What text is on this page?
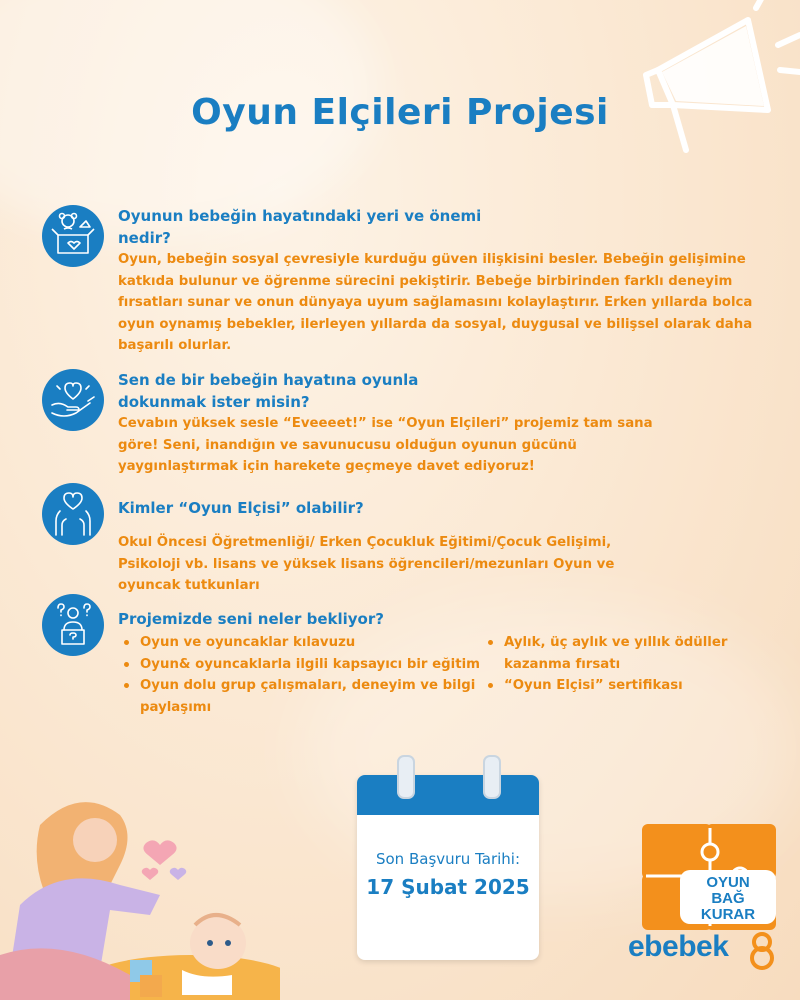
Oyun Elçileri Projesi

Oyunun bebeğin hayatındaki yeri ve önemi

nedir?

Oyun, bebeğin sosyal çevresiyle kurduğu güven ilişkisini besler. Bebeğin gelişimine

katkıda bulunur ve öğrenme sürecini pekiştirir. Bebeğe birbirinden farklı deneyim

fırsatları sunar ve onun dünyaya uyum sağlamasını kolaylaştırır. Erken yıllarda bolca

oyun oynamış bebekler, ilerleyen yıllarda da sosyal, duygusal ve bilişsel olarak daha

başarılı olurlar.

Sen de bir bebeğin hayatına oyunla

dokunmak ister misin?

Cevabın yüksek sesle “Eveeeet!” ise “Oyun Elçileri” projemiz tam sana

göre! Seni, inandığın ve savunucusu olduğun oyunun gücünü

yaygınlaştırmak için harekete geçmeye davet ediyoruz!

Kimler “Oyun Elçisi” olabilir?

Okul Öncesi Öğretmenliği/ Erken Çocukluk Eğitimi/Çocuk Gelişimi,

Psikoloji vb. lisans ve yüksek lisans öğrencileri/mezunları Oyun ve

oyuncak tutkunları

Projemizde seni neler bekliyor?

Oyun ve oyuncaklar kılavuzu
Oyun& oyuncaklarla ilgili kapsayıcı bir eğitim
Oyun dolu grup çalışmaları, deneyim ve bilgi
paylaşımı
Aylık, üç aylık ve yıllık ödüller
kazanma fırsatı
“Oyun Elçisi” sertifikası
Son Başvuru Tarihi:
17 Şubat 2025	OYUN
BAĞ
KURAR
ebebek
